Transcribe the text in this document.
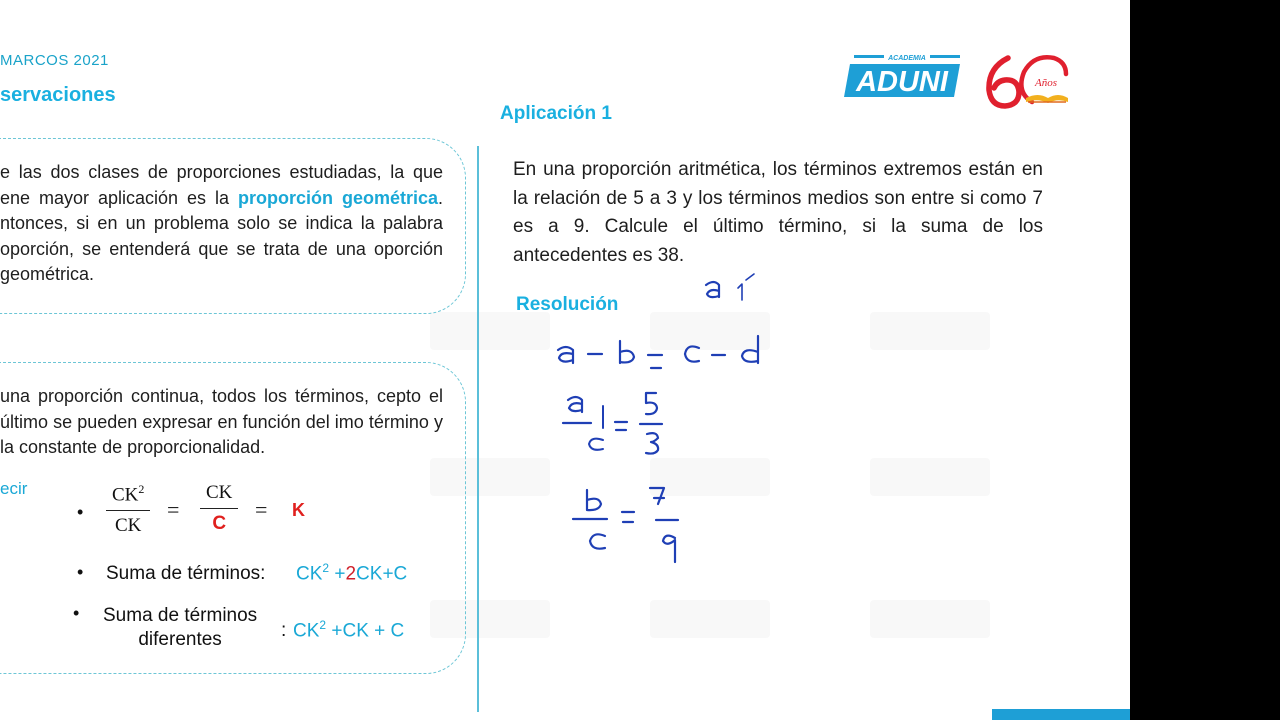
MARCOS 2021
servaciones
e las dos clases de proporciones estudiadas, la que ene mayor aplicación es la proporción geométrica. ntonces, si en un problema solo se indica la palabra oporción, se entenderá que se trata de una oporción geométrica.
una proporción continua, todos los términos, cepto el último se pueden expresar en función del imo término y la constante de proporcionalidad.
ecir
• $\frac{CK^2}{CK} = \frac{CK}{C} = K$
• Suma de términos: $CK^2 +2CK+C$
• Suma de términos
diferentes	: $CK^2 +CK + C$
Aplicación 1
En una proporción aritmética, los términos extremos están en la relación de 5 a 3 y los términos medios son entre si como 7 es a 9. Calcule el último término, si la suma de los antecedentes es 38.
Resolución
ACADEMIA
ADUNI	Años
